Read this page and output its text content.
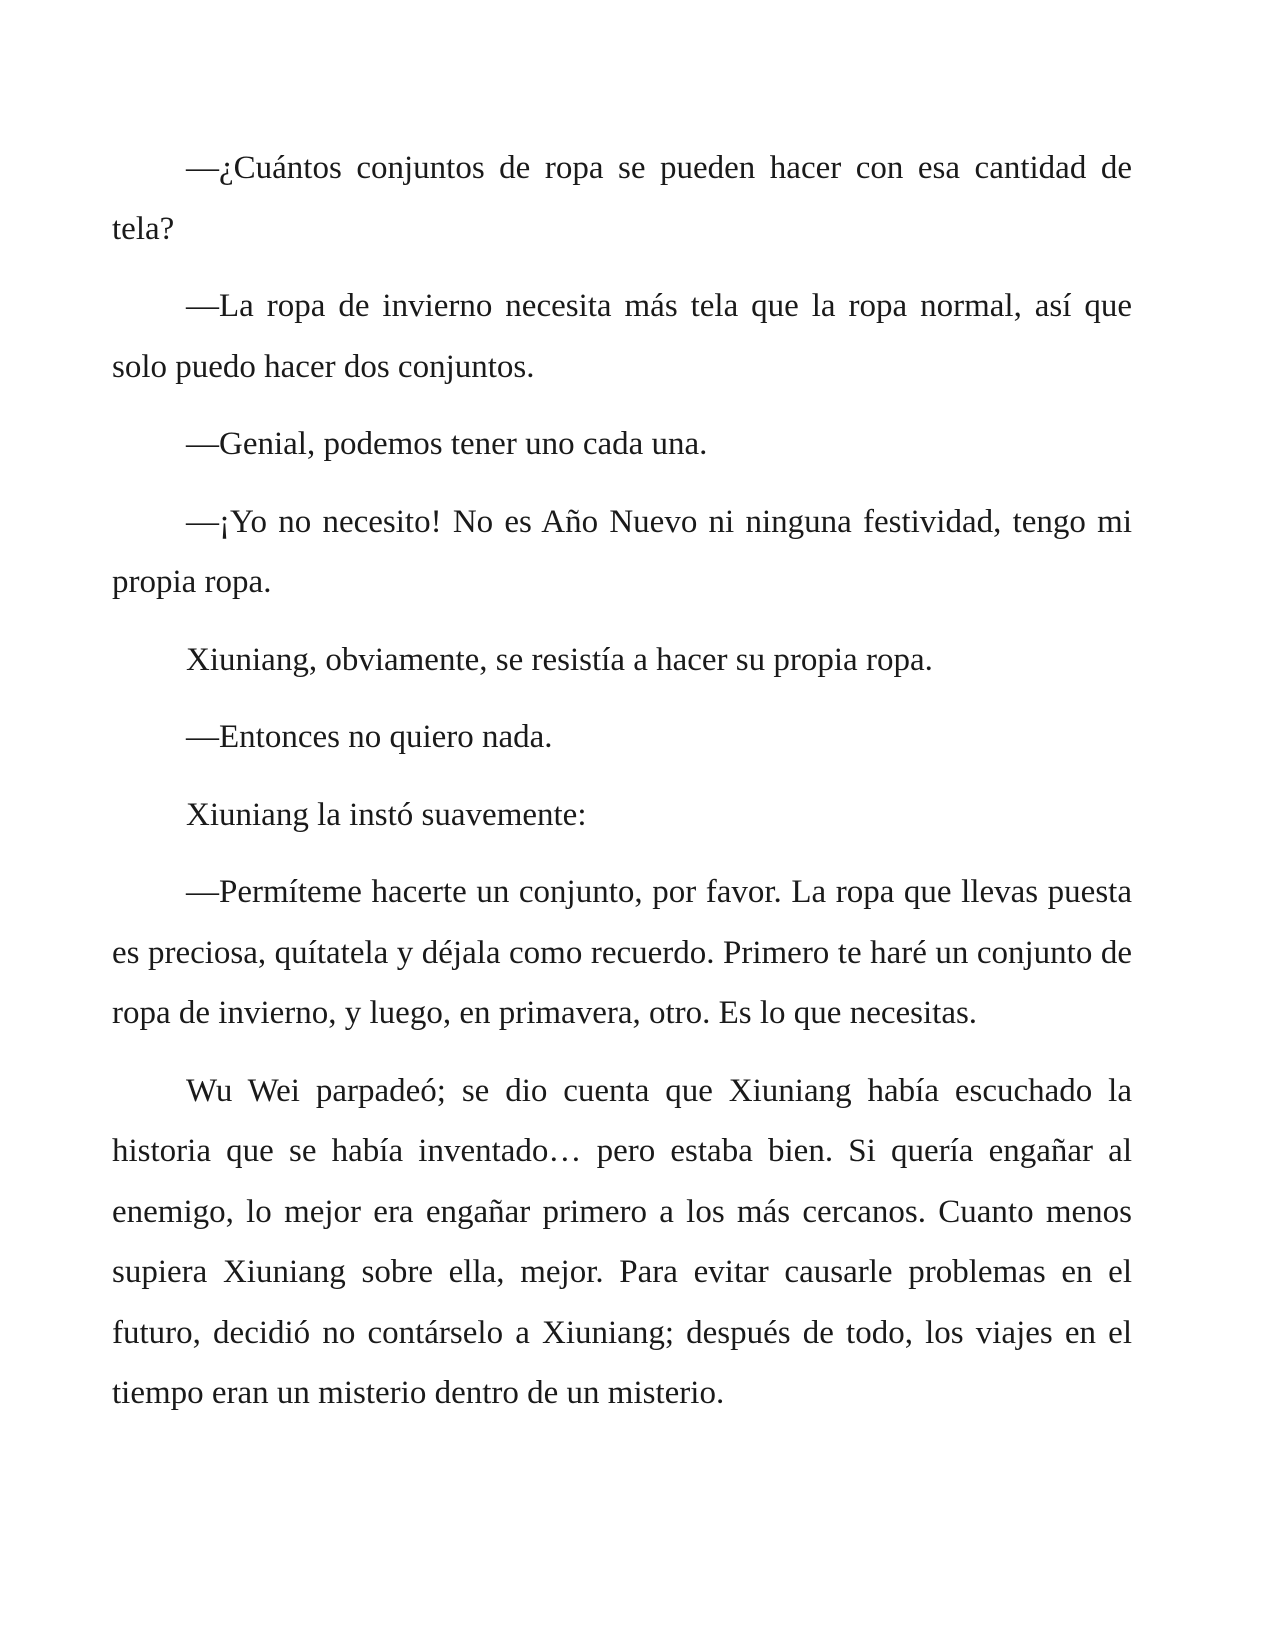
—¿Cuántos conjuntos de ropa se pueden hacer con esa cantidad de tela?

—La ropa de invierno necesita más tela que la ropa normal, así que solo puedo hacer dos conjuntos.

—Genial, podemos tener uno cada una.

—¡Yo no necesito! No es Año Nuevo ni ninguna festividad, tengo mi propia ropa.

Xiuniang, obviamente, se resistía a hacer su propia ropa.

—Entonces no quiero nada.

Xiuniang la instó suavemente:

—Permíteme hacerte un conjunto, por favor. La ropa que llevas puesta es preciosa, quítatela y déjala como recuerdo. Primero te haré un conjunto de ropa de invierno, y luego, en primavera, otro. Es lo que necesitas.

Wu Wei parpadeó; se dio cuenta que Xiuniang había escuchado la historia que se había inventado… pero estaba bien. Si quería engañar al enemigo, lo mejor era engañar primero a los más cercanos. Cuanto menos supiera Xiuniang sobre ella, mejor. Para evitar causarle problemas en el futuro, decidió no contárselo a Xiuniang; después de todo, los viajes en el tiempo eran un misterio dentro de un misterio.
